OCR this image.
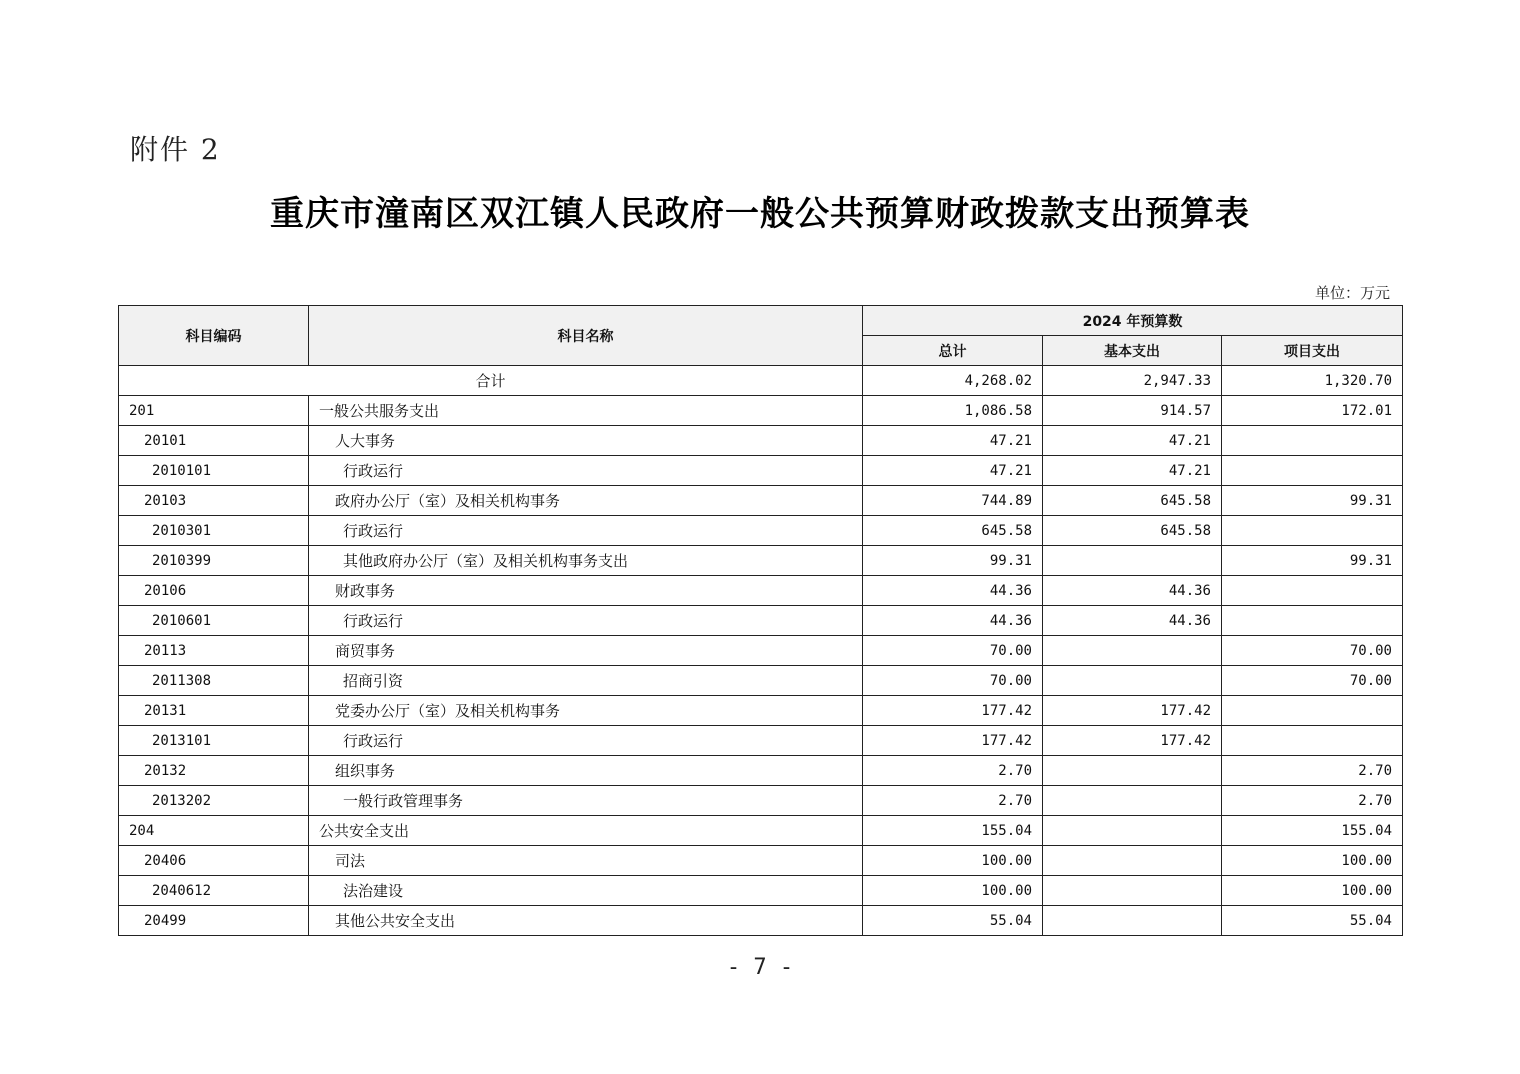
附件 2
重庆市潼南区双江镇人民政府一般公共预算财政拨款支出预算表
单位：万元
科目编码	科目名称	2024 年预算数		
		总计	基本支出	项目支出
合计		4,268.02	2,947.33	1,320.70
201	一般公共服务支出	1,086.58	914.57	172.01
20101	人大事务	47.21	47.21	
2010101	行政运行	47.21	47.21	
20103	政府办公厅（室）及相关机构事务	744.89	645.58	99.31
2010301	行政运行	645.58	645.58	
2010399	其他政府办公厅（室）及相关机构事务支出	99.31		99.31
20106	财政事务	44.36	44.36	
2010601	行政运行	44.36	44.36	
20113	商贸事务	70.00		70.00
2011308	招商引资	70.00		70.00
20131	党委办公厅（室）及相关机构事务	177.42	177.42	
2013101	行政运行	177.42	177.42	
20132	组织事务	2.70		2.70
2013202	一般行政管理事务	2.70		2.70
204	公共安全支出	155.04		155.04
20406	司法	100.00		100.00
2040612	法治建设	100.00		100.00
20499	其他公共安全支出	55.04		55.04
- 7 -
